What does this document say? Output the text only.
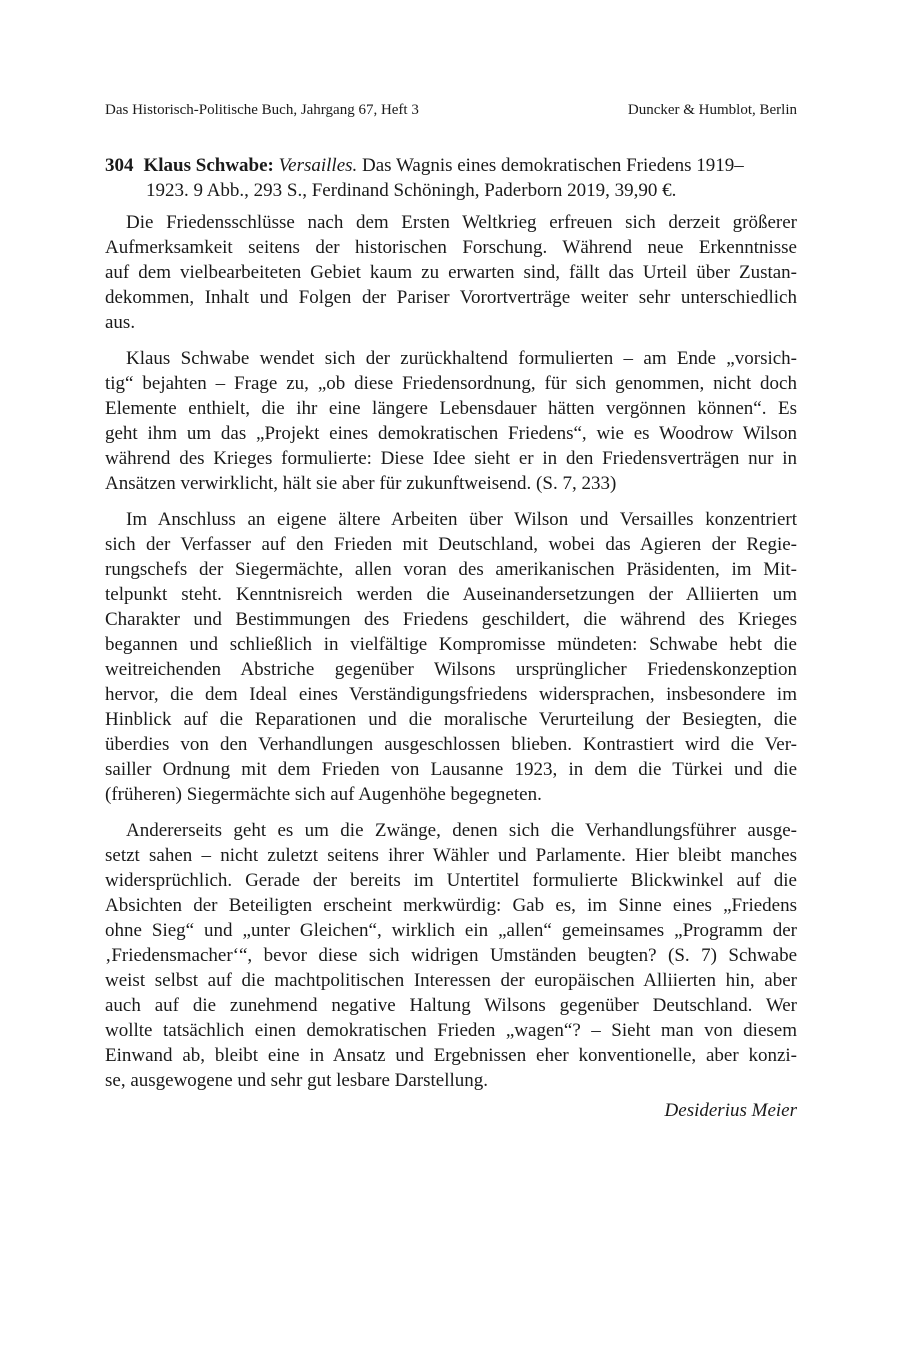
Das Historisch-Politische Buch, Jahrgang 67, Heft 3	Duncker & Humblot, Berlin
304 Klaus Schwabe: Versailles. Das Wagnis eines demokratischen Friedens 1919–
1923. 9 Abb., 293 S., Ferdinand Schöningh, Paderborn 2019, 39,90 €.
Die Friedensschlüsse nach dem Ersten Weltkrieg erfreuen sich derzeit größerer
Aufmerksamkeit seitens der historischen Forschung. Während neue Erkenntnisse
auf dem vielbearbeiteten Gebiet kaum zu erwarten sind, fällt das Urteil über Zustan-
dekommen, Inhalt und Folgen der Pariser Vorortverträge weiter sehr unterschiedlich
aus.
Klaus Schwabe wendet sich der zurückhaltend formulierten – am Ende „vorsich-
tig“ bejahten – Frage zu, „ob diese Friedensordnung, für sich genommen, nicht doch
Elemente enthielt, die ihr eine längere Lebensdauer hätten vergönnen können“. Es
geht ihm um das „Projekt eines demokratischen Friedens“, wie es Woodrow Wilson
während des Krieges formulierte: Diese Idee sieht er in den Friedensverträgen nur in
Ansätzen verwirklicht, hält sie aber für zukunftweisend. (S. 7, 233)
Im Anschluss an eigene ältere Arbeiten über Wilson und Versailles konzentriert
sich der Verfasser auf den Frieden mit Deutschland, wobei das Agieren der Regie-
rungschefs der Siegermächte, allen voran des amerikanischen Präsidenten, im Mit-
telpunkt steht. Kenntnisreich werden die Auseinandersetzungen der Alliierten um
Charakter und Bestimmungen des Friedens geschildert, die während des Krieges
begannen und schließlich in vielfältige Kompromisse mündeten: Schwabe hebt die
weitreichenden Abstriche gegenüber Wilsons ursprünglicher Friedenskonzeption
hervor, die dem Ideal eines Verständigungsfriedens widersprachen, insbesondere im
Hinblick auf die Reparationen und die moralische Verurteilung der Besiegten, die
überdies von den Verhandlungen ausgeschlossen blieben. Kontrastiert wird die Ver-
sailler Ordnung mit dem Frieden von Lausanne 1923, in dem die Türkei und die
(früheren) Siegermächte sich auf Augenhöhe begegneten.
Andererseits geht es um die Zwänge, denen sich die Verhandlungsführer ausge-
setzt sahen – nicht zuletzt seitens ihrer Wähler und Parlamente. Hier bleibt manches
widersprüchlich. Gerade der bereits im Untertitel formulierte Blickwinkel auf die
Absichten der Beteiligten erscheint merkwürdig: Gab es, im Sinne eines „Friedens
ohne Sieg“ und „unter Gleichen“, wirklich ein „allen“ gemeinsames „Programm der
‚Friedensmacher‘“, bevor diese sich widrigen Umständen beugten? (S. 7) Schwabe
weist selbst auf die machtpolitischen Interessen der europäischen Alliierten hin, aber
auch auf die zunehmend negative Haltung Wilsons gegenüber Deutschland. Wer
wollte tatsächlich einen demokratischen Frieden „wagen“? – Sieht man von diesem
Einwand ab, bleibt eine in Ansatz und Ergebnissen eher konventionelle, aber konzi-
se, ausgewogene und sehr gut lesbare Darstellung.
Desiderius Meier
